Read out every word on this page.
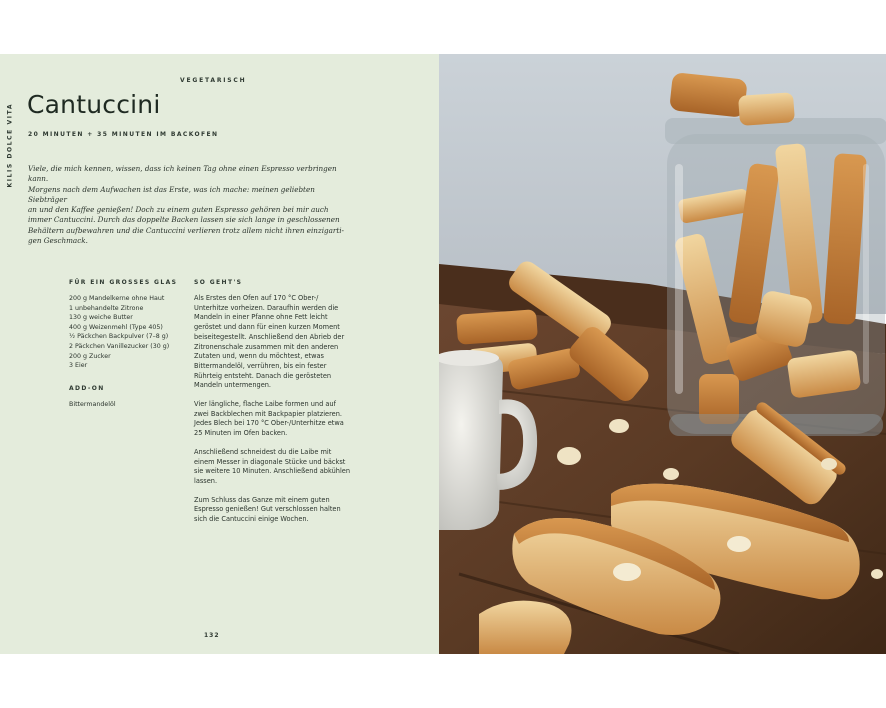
KILIS DOLCE VITA
VEGETARISCH
Cantuccini
20 MINUTEN + 35 MINUTEN IM BACKOFEN
Viele, die mich kennen, wissen, dass ich keinen Tag ohne einen Espresso verbringen kann.
Morgens nach dem Aufwachen ist das Erste, was ich mache: meinen geliebten Siebträger
an und den Kaffee genießen! Doch zu einem guten Espresso gehören bei mir auch
immer Cantuccini. Durch das doppelte Backen lassen sie sich lange in geschlossenen
Behältern aufbewahren und die Cantuccini verlieren trotz allem nicht ihren einzigarti-
gen Geschmack.
FÜR EIN GROSSES GLAS
200 g Mandelkerne ohne Haut
1 unbehandelte Zitrone
130 g weiche Butter
400 g Weizenmehl (Type 405)
½ Päckchen Backpulver (7–8 g)
2 Päckchen Vanillezucker (30 g)
200 g Zucker
3 Eier
ADD-ON
Bittermandelöl
SO GEHT'S

Als Erstes den Ofen auf 170 °C Ober-/ Unterhitze vorheizen. Daraufhin werden die Mandeln in einer Pfanne ohne Fett leicht geröstet und dann für einen kurzen Moment beiseitegestellt. Anschließend den Abrieb der Zitronenschale zusammen mit den anderen Zutaten und, wenn du möchtest, etwas Bittermandelöl, verrühren, bis ein fester Rührteig entsteht. Danach die gerösteten Mandeln untermengen.

Vier längliche, flache Laibe formen und auf zwei Backblechen mit Backpapier platzieren. Jedes Blech bei 170 °C Ober-/Unterhitze etwa 25 Minuten im Ofen backen.

Anschließend schneidest du die Laibe mit einem Messer in diagonale Stücke und bäckst sie weitere 10 Minuten. Anschließend abkühlen lassen.

Zum Schluss das Ganze mit einem guten Espresso genießen! Gut verschlossen halten sich die Cantuccini einige Wochen.

132
